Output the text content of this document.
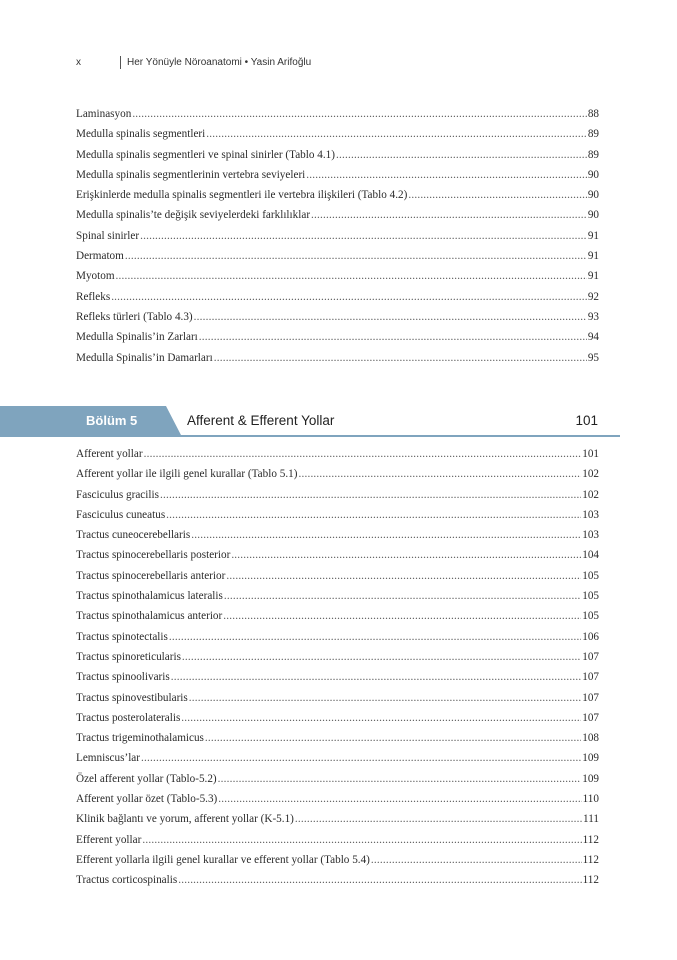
x	Her Yönüyle Nöroanatomi • Yasin Arifoğlu
Laminasyon .....	88
Medulla spinalis segmentleri .....	89
Medulla spinalis segmentleri ve spinal sinirler (Tablo 4.1) .....	89
Medulla spinalis segmentlerinin vertebra seviyeleri .....	90
Erişkinlerde medulla spinalis segmentleri ile vertebra ilişkileri (Tablo 4.2) .....	90
Medulla spinalis’te değişik seviyelerdeki farklılıklar .....	90
Spinal sinirler .....	91
Dermatom .....	91
Myotom .....	91
Refleks .....	92
Refleks türleri (Tablo 4.3) .....	93
Medulla Spinalis’in Zarları .....	94
Medulla Spinalis’in Damarları .....	95
Bölüm 5	Afferent & Efferent Yollar	101
Afferent yollar .....	101
Afferent yollar ile ilgili genel kurallar (Tablo 5.1) .....	102
Fasciculus gracilis .....	102
Fasciculus cuneatus .....	103
Tractus cuneocerebellaris .....	103
Tractus spinocerebellaris posterior .....	104
Tractus spinocerebellaris anterior .....	105
Tractus spinothalamicus lateralis .....	105
Tractus spinothalamicus anterior .....	105
Tractus spinotectalis .....	106
Tractus spinoreticularis .....	107
Tractus spinoolivaris .....	107
Tractus spinovestibularis .....	107
Tractus posterolateralis .....	107
Tractus trigeminothalamicus .....	108
Lemniscus’lar .....	109
Özel afferent yollar (Tablo-5.2) .....	109
Afferent yollar özet (Tablo-5.3) .....	110
Klinik bağlantı ve yorum, afferent yollar (K-5.1) .....	111
Efferent yollar .....	112
Efferent yollarla ilgili genel kurallar ve efferent yollar (Tablo 5.4) .....	112
Tractus corticospinalis .....	112
